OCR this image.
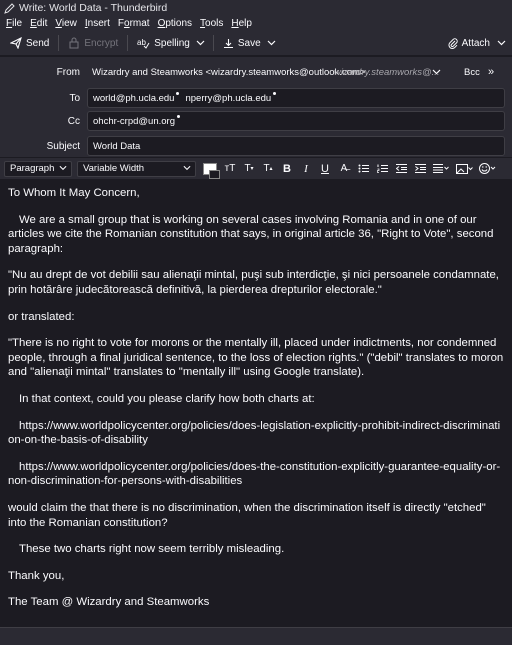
Write: World Data - Thunderbird
File Edit View Insert Format Options Tools Help
Send	Encrypt ab Spelling	Save	Attach
From Wizardry and Steamworks <wizardry.steamworks@outlook.com>
wizardry.steamworks@...	Bcc »
To world@ph.ucla.edu nperry@ph.ucla.edu
Cc ohchr-crpd@un.org
Subject	World Data
Paragraph	Variable Width	ᴛT T ▾ T ▴ B	I	U	A̶

To Whom It May Concern,

We are a small group that is working on several cases involving Romania and in one of our articles we cite the Romanian constitution that says, in original article 36, "Right to Vote", second paragraph:

"Nu au drept de vot debilii sau alienaţii mintal, puşi sub interdicţie, şi nici persoanele condamnate, prin hotărâre judecătorească definitivă, la pierderea drepturilor electorale."

or translated:

"There is no right to vote for morons or the mentally ill, placed under indictments, nor condemned people, through a final juridical sentence, to the loss of election rights." ("debil" translates to moron and "alienaţii mintal" translates to "mentally ill" using Google translate).

In that context, could you please clarify how both charts at:

https://www.worldpolicycenter.org/policies/does-legislation-explicitly-prohibit-indirect-discrimination-on-the-basis-of-disability

https://www.worldpolicycenter.org/policies/does-the-constitution-explicitly-guarantee-equality-or-non-discrimination-for-persons-with-disabilities

would claim the that there is no discrimination, when the discrimination itself is directly "etched" into the Romanian constitution?

These two charts right now seem terribly misleading.

Thank you,

The Team @ Wizardry and Steamworks
